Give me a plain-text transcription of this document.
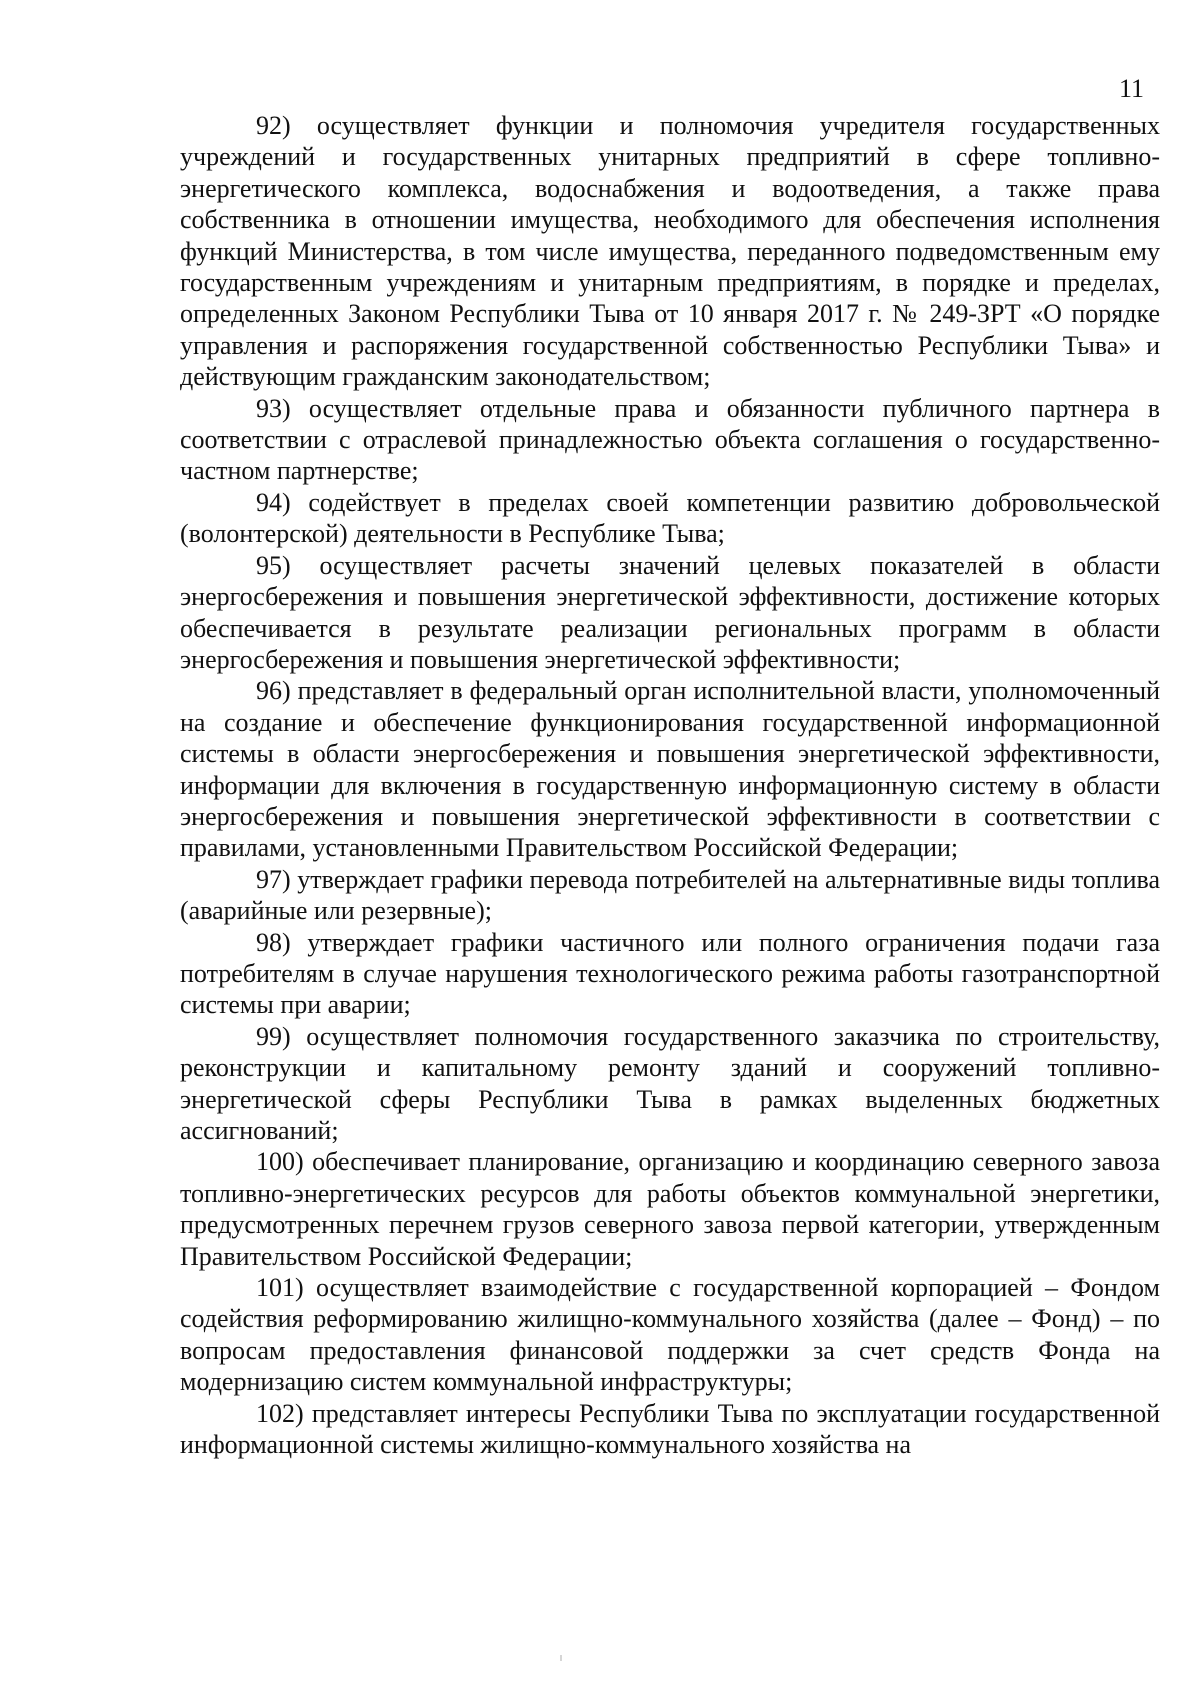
11

92) осуществляет функции и полномочия учредителя государственных учреждений и государственных унитарных предприятий в сфере топливно-энергетического комплекса, водоснабжения и водоотведения, а также права собственника в отношении имущества, необходимого для обеспечения исполнения функций Министерства, в том числе имущества, переданного подведомственным ему государственным учреждениям и унитарным предприятиям, в порядке и пределах, определенных Законом Республики Тыва от 10 января 2017 г. № 249-ЗРТ «О порядке управления и распоряжения государственной собственностью Республики Тыва» и действующим гражданским законодательством;

93) осуществляет отдельные права и обязанности публичного партнера в соответствии с отраслевой принадлежностью объекта соглашения о государственно-частном партнерстве;

94) содействует в пределах своей компетенции развитию добровольческой (волонтерской) деятельности в Республике Тыва;

95) осуществляет расчеты значений целевых показателей в области энергосбережения и повышения энергетической эффективности, достижение которых обеспечивается в результате реализации региональных программ в области энергосбережения и повышения энергетической эффективности;

96) представляет в федеральный орган исполнительной власти, уполномоченный на создание и обеспечение функционирования государственной информационной системы в области энергосбережения и повышения энергетической эффективности, информации для включения в государственную информационную систему в области энергосбережения и повышения энергетической эффективности в соответствии с правилами, установленными Правительством Российской Федерации;

97) утверждает графики перевода потребителей на альтернативные виды топлива (аварийные или резервные);

98) утверждает графики частичного или полного ограничения подачи газа потребителям в случае нарушения технологического режима работы газотранспортной системы при аварии;

99) осуществляет полномочия государственного заказчика по строительству, реконструкции и капитальному ремонту зданий и сооружений топливно-энергетической сферы Республики Тыва в рамках выделенных бюджетных ассигнований;

100) обеспечивает планирование, организацию и координацию северного завоза топливно-энергетических ресурсов для работы объектов коммунальной энергетики, предусмотренных перечнем грузов северного завоза первой категории, утвержденным Правительством Российской Федерации;

101) осуществляет взаимодействие с государственной корпорацией – Фондом содействия реформированию жилищно-коммунального хозяйства (далее – Фонд) – по вопросам предоставления финансовой поддержки за счет средств Фонда на модернизацию систем коммунальной инфраструктуры;

102) представляет интересы Республики Тыва по эксплуатации государственной информационной системы жилищно-коммунального хозяйства на
